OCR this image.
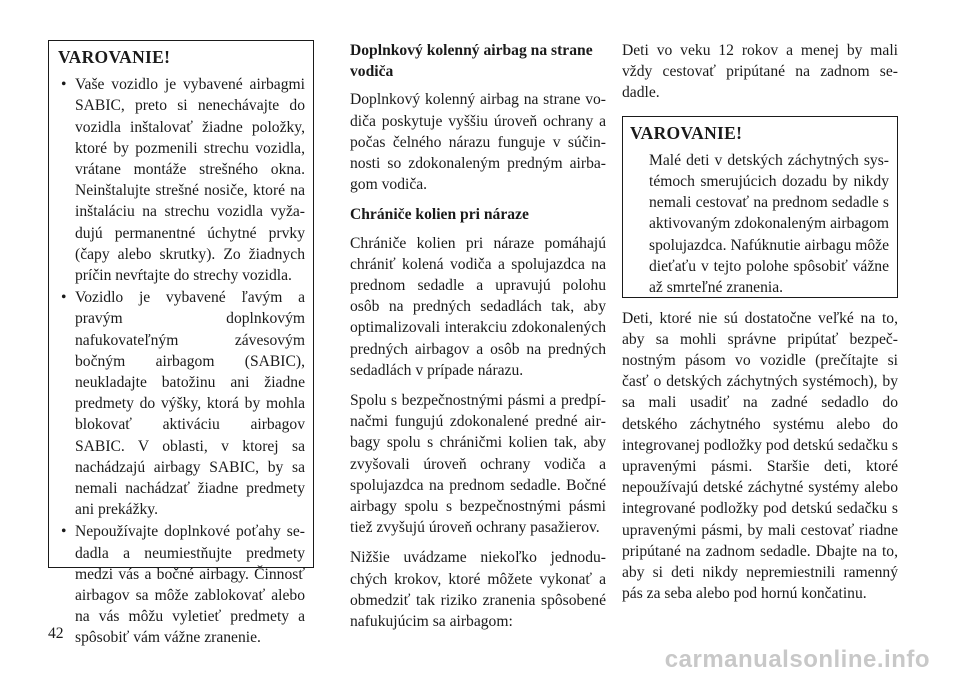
VAROVANIE!
• Vaše vozidlo je vybavené airbagmi SABIC, preto si nenechávajte do vozidla inštalovať žiadne položky, ktoré by pozmenili strechu vozidla, vrátane montáže strešného okna. Neinštalujte strešné nosiče, ktoré na inštaláciu na strechu vozidla vyžadujú permanentné úchytné prvky (čapy alebo skrutky). Zo žiadnych príčin nevŕtajte do strechy vozidla.
• Vozidlo je vybavené ľavým a pravým doplnkovým nafukovateľným závesovým bočným airbagom (SABIC), neukladajte batožinu ani žiadne predmety do výšky, ktorá by mohla blokovať aktiváciu airbagov SABIC. V oblasti, v ktorej sa nachádzajú airbagy SABIC, by sa nemali nachádzať žiadne predmety ani prekážky.
• Nepoužívajte doplnkové poťahy sedadla a neumiestňujte predmety medzi vás a bočné airbagy. Činnosť airbagov sa môže zablokovať alebo na vás môžu vyletieť predmety a spôsobiť vám vážne zranenie.
Doplnkový kolenný airbag na strane vodiča

Doplnkový kolenný airbag na strane vodiča poskytuje vyššiu úroveň ochrany a počas čelného nárazu funguje v súčinnosti so zdokonaleným predným airbagom vodiča.

Chrániče kolien pri náraze

Chrániče kolien pri náraze pomáhajú chrániť kolená vodiča a spolujazdca na prednom sedadle a upravujú polohu osôb na predných sedadlách tak, aby optimalizovali interakciu zdokonalených predných airbagov a osôb na predných sedadlách v prípade nárazu.

Spolu s bezpečnostnými pásmi a predpínačmi fungujú zdokonalené predné airbagy spolu s chráničmi kolien tak, aby zvyšovali úroveň ochrany vodiča a spolujazdca na prednom sedadle. Bočné airbagy spolu s bezpečnostnými pásmi tiež zvyšujú úroveň ochrany pasažierov.

Nižšie uvádzame niekoľko jednoduchých krokov, ktoré môžete vykonať a obmedziť tak riziko zranenia spôsobené nafukujúcim sa airbagom:

Deti vo veku 12 rokov a menej by mali vždy cestovať pripútané na zadnom sedadle.

VAROVANIE!

Malé deti v detských záchytných systémoch smerujúcich dozadu by nikdy nemali cestovať na prednom sedadle s aktivovaným zdokonaleným airbagom spolujazdca. Nafúknutie airbagu môže dieťaťu v tejto polohe spôsobiť vážne až smrteľné zranenia.

Deti, ktoré nie sú dostatočne veľké na to, aby sa mohli správne pripútať bezpečnostným pásom vo vozidle (prečítajte si časť o detských záchytných systémoch), by sa mali usadiť na zadné sedadlo do detského záchytného systému alebo do integrovanej podložky pod detskú sedačku s upravenými pásmi. Staršie deti, ktoré nepoužívajú detské záchytné systémy alebo integrované podložky pod detskú sedačku s upravenými pásmi, by mali cestovať riadne pripútané na zadnom sedadle. Dbajte na to, aby si deti nikdy nepremiestnili ramenný pás za seba alebo pod hornú končatinu.

42
carmanualsonline.info
